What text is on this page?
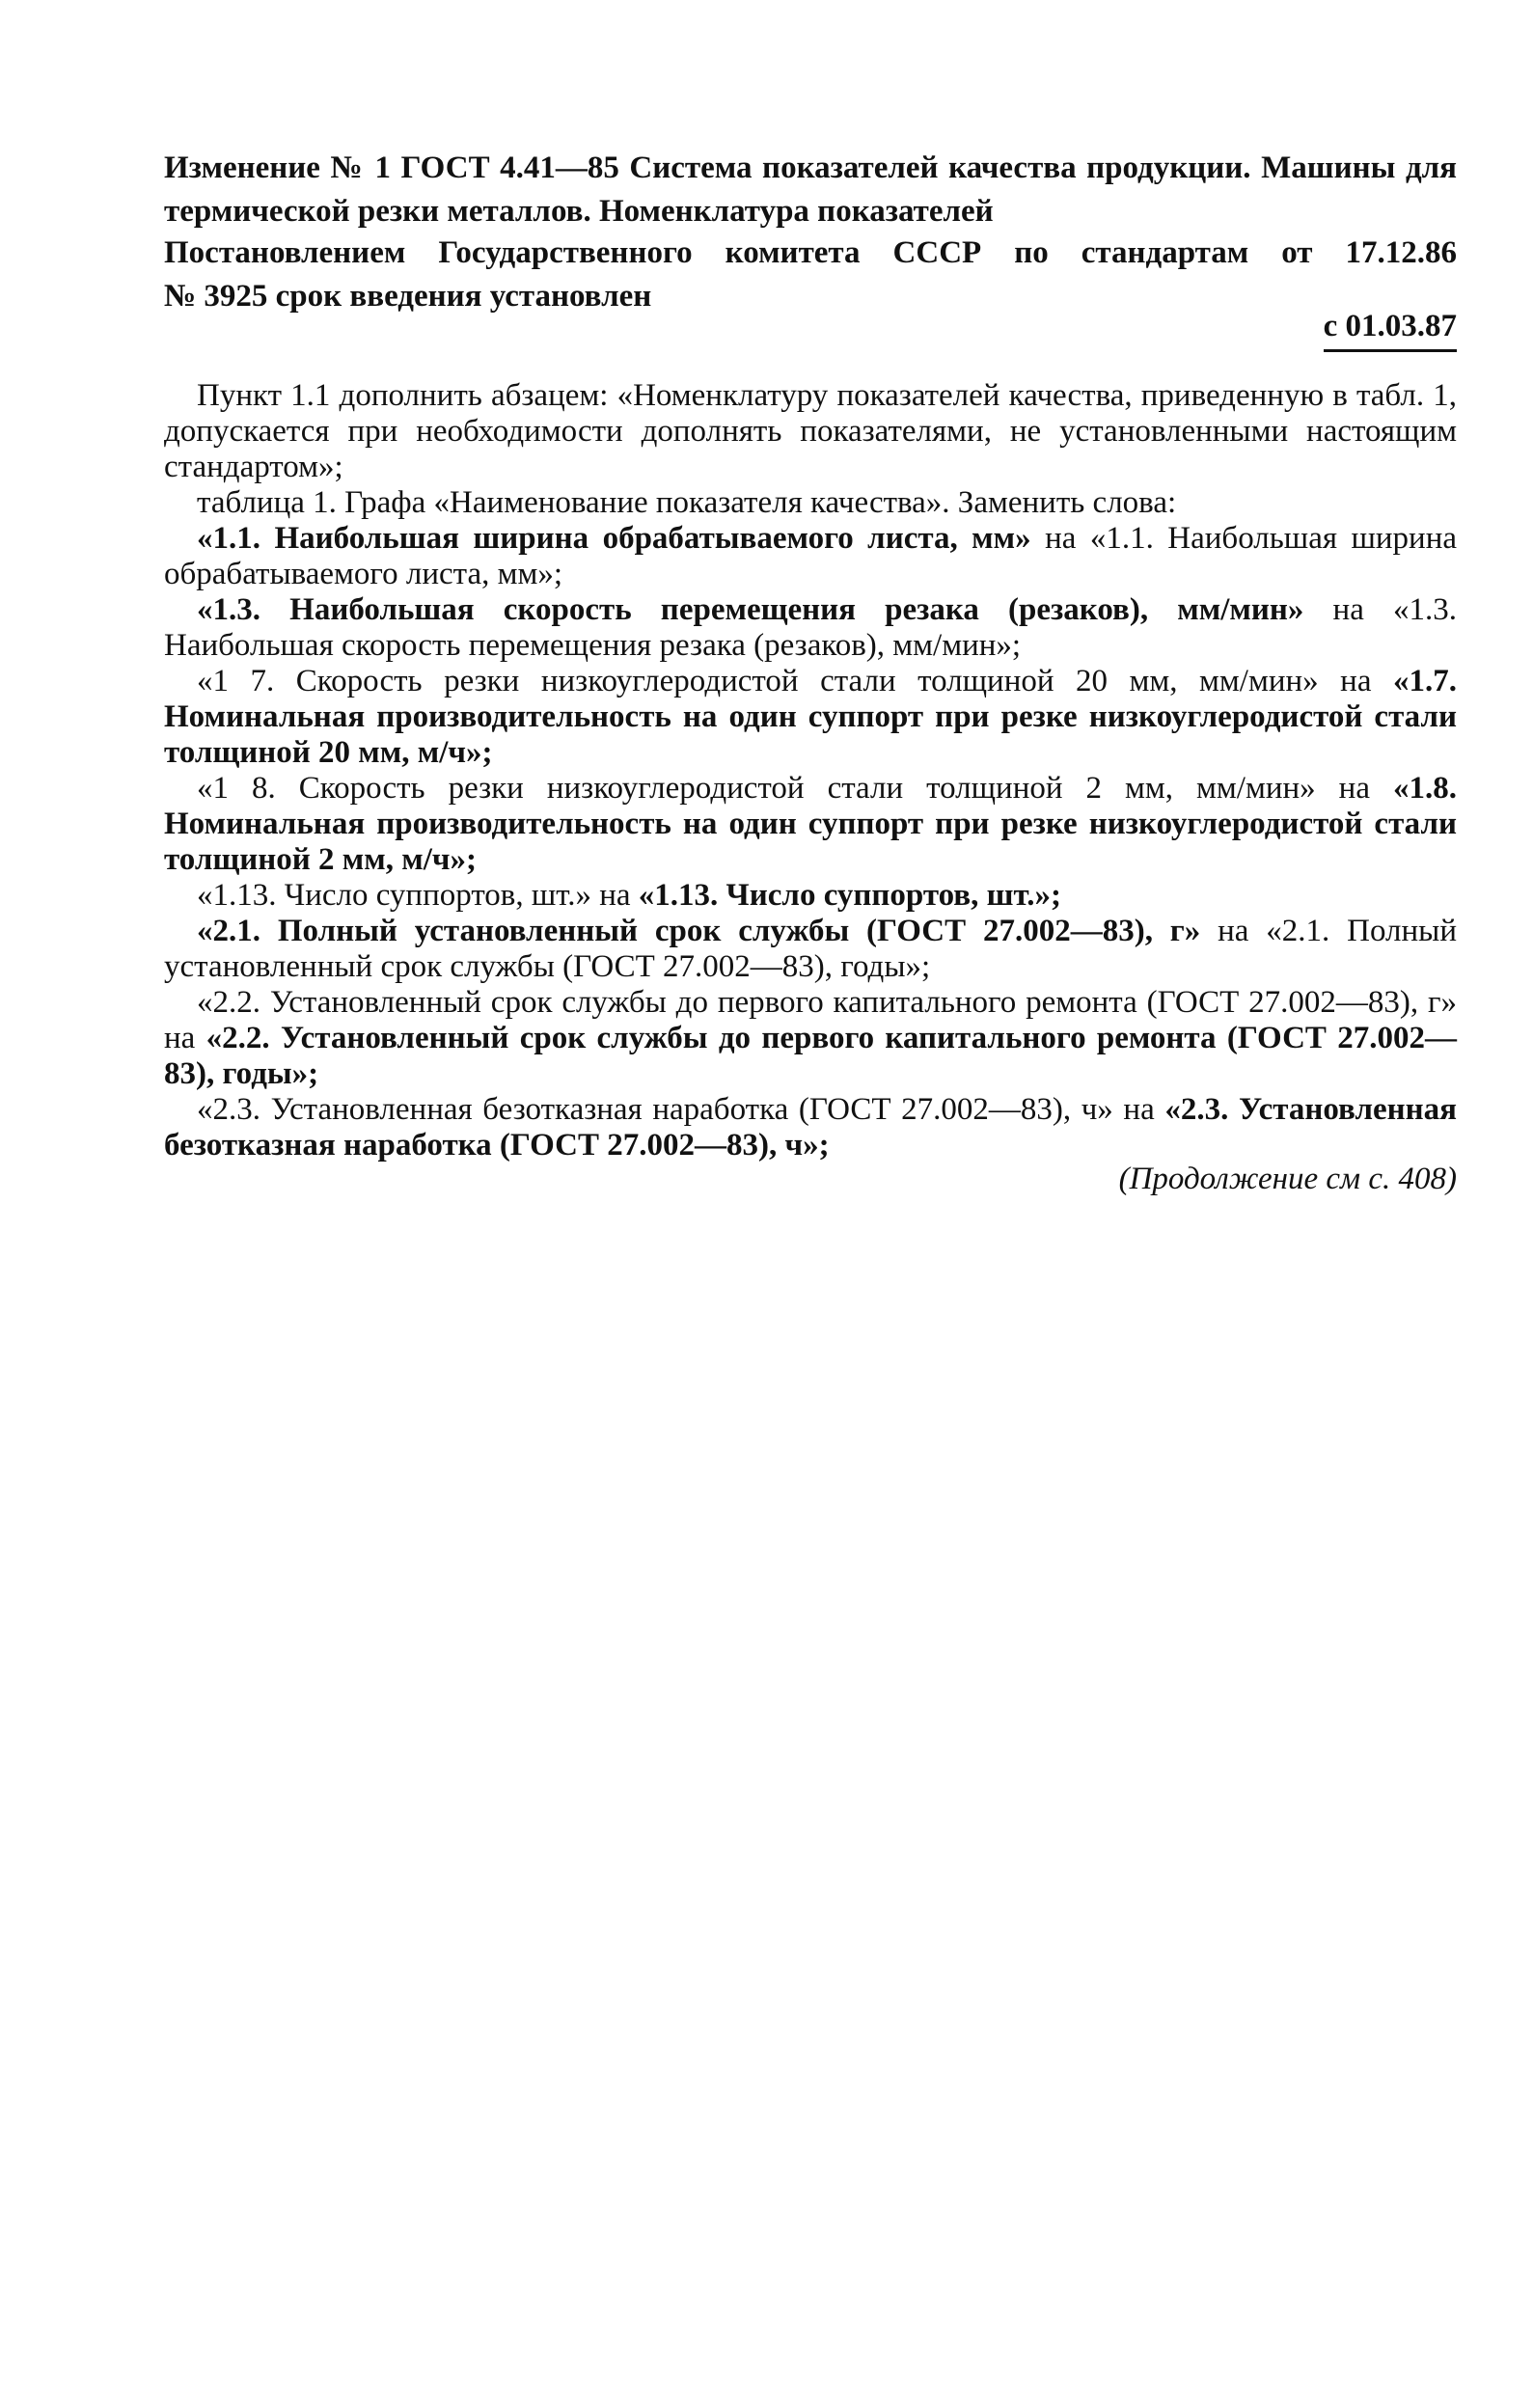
Изменение № 1 ГОСТ 4.41—85 Система показателей качества продукции. Машины для термической резки металлов. Номенклатура показателей
Постановлением Государственного комитета СССР по стандартам от 17.12.86
№ 3925 срок введения установлен
с 01.03.87

Пункт 1.1 дополнить абзацем: «Номенклатуру показателей качества, приведенную в табл. 1, допускается при необходимости дополнять показателями, не установленными настоящим стандартом»;

таблица 1. Графа «Наименование показателя качества». Заменить слова:

«1.1. Наибольшая ширина обрабатываемого листа, мм» на «1.1. Наибольшая ширина обрабатываемого листа, мм»;

«1.3. Наибольшая скорость перемещения резака (резаков), мм/мин» на «1.3. Наибольшая скорость перемещения резака (резаков), мм/мин»;

«1 7. Скорость резки низкоуглеродистой стали толщиной 20 мм, мм/мин» на «1.7. Номинальная производительность на один суппорт при резке низкоуглеродистой стали толщиной 20 мм, м/ч»;

«1 8. Скорость резки низкоуглеродистой стали толщиной 2 мм, мм/мин» на «1.8. Номинальная производительность на один суппорт при резке низкоуглеродистой стали толщиной 2 мм, м/ч»;

«1.13. Число суппортов, шт.» на «1.13. Число суппортов, шт.»;

«2.1. Полный установленный срок службы (ГОСТ 27.002—83), г» на «2.1. Полный установленный срок службы (ГОСТ 27.002—83), годы»;

«2.2. Установленный срок службы до первого капитального ремонта (ГОСТ 27.002—83), г» на «2.2. Установленный срок службы до первого капитального ремонта (ГОСТ 27.002—83), годы»;

«2.3. Установленная безотказная наработка (ГОСТ 27.002—83), ч» на «2.3. Установленная безотказная наработка (ГОСТ 27.002—83), ч»;

(Продолжение см с. 408)
